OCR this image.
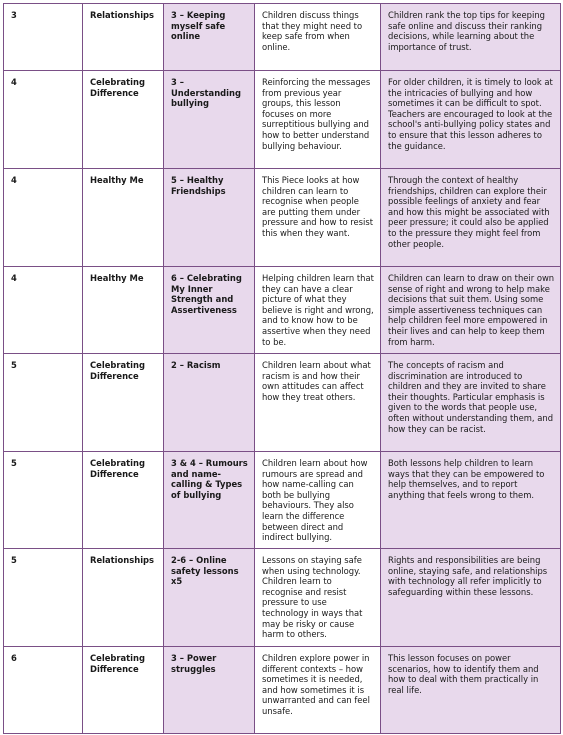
3	Relationships	3 – Keeping myself safe online	Children discuss things that they might need to keep safe from when online.	Children rank the top tips for keeping safe online and discuss their ranking decisions, while learning about the importance of trust.

4	Celebrating Difference	3 – Understanding bullying	Reinforcing the messages from previous year groups, this lesson focuses on more surreptitious bullying and how to better understand bullying behaviour.	For older children, it is timely to look at the intricacies of bullying and how sometimes it can be difficult to spot. Teachers are encouraged to look at the school's anti-bullying policy states and to ensure that this lesson adheres to the guidance.

4	Healthy Me	5 – Healthy Friendships	This Piece looks at how children can learn to recognise when people are putting them under pressure and how to resist this when they want.	Through the context of healthy friendships, children can explore their possible feelings of anxiety and fear and how this might be associated with peer pressure; it could also be applied to the pressure they might feel from other people.

4	Healthy Me	6 – Celebrating My Inner Strength and Assertiveness	Helping children learn that they can have a clear picture of what they believe is right and wrong, and to know how to be assertive when they need to be.	Children can learn to draw on their own sense of right and wrong to help make decisions that suit them. Using some simple assertiveness techniques can help children feel more empowered in their lives and can help to keep them from harm.

5	Celebrating Difference	2 – Racism	Children learn about what racism is and how their own attitudes can affect how they treat others.	The concepts of racism and discrimination are introduced to children and they are invited to share their thoughts. Particular emphasis is given to the words that people use, often without understanding them, and how they can be racist.

5	Celebrating Difference	3 & 4 – Rumours and name-calling & Types of bullying	Children learn about how rumours are spread and how name-calling can both be bullying behaviours. They also learn the difference between direct and indirect bullying.	Both lessons help children to learn ways that they can be empowered to help themselves, and to report anything that feels wrong to them.

5	Relationships	2-6 – Online safety lessons x5	Lessons on staying safe when using technology. Children learn to recognise and resist pressure to use technology in ways that may be risky or cause harm to others.	Rights and responsibilities are being online, staying safe, and relationships with technology all refer implicitly to safeguarding within these lessons.

6	Celebrating Difference	3 – Power struggles	Children explore power in different contexts – how sometimes it is needed, and how sometimes it is unwarranted and can feel unsafe.	This lesson focuses on power scenarios, how to identify them and how to deal with them practically in real life.
